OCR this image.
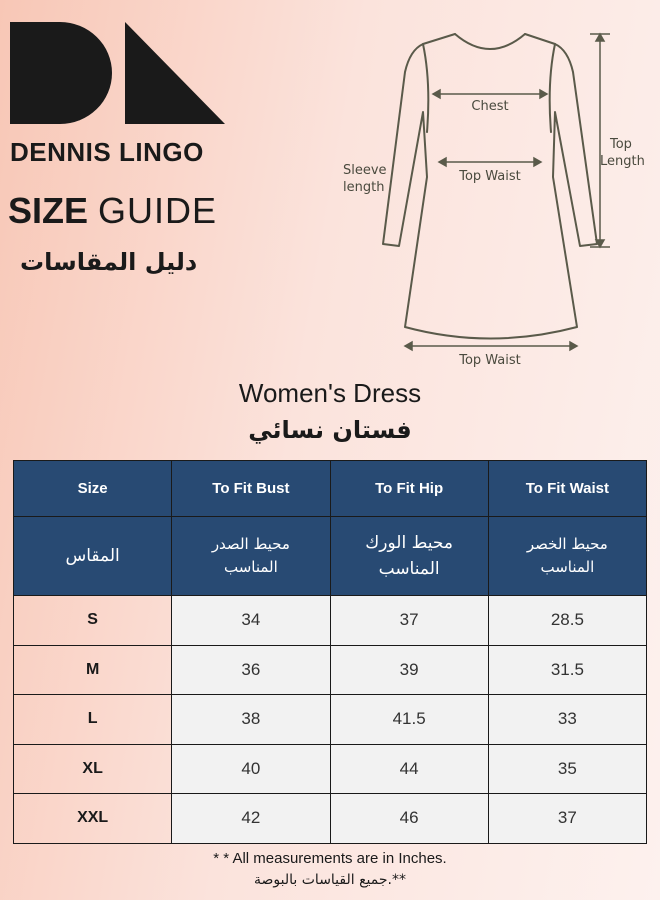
DENNIS LINGO
SIZE GUIDE
دليل المقاسات
Chest
Top Waist
Top Waist
Sleeve
length
Top
Length
Women's Dress
فستان نسائي
Size	To Fit Bust	To Fit Hip	To Fit Waist
المقاس	محيط الصدر المناسب	محيط الورك المناسب	محيط الخصر المناسب
S	34	37	28.5
M	36	39	31.5
L	38	41.5	33
XL	40	44	35
XXL	42	46	37
* * All measurements are in Inches.
جميع القياسات بالبوصة.**
